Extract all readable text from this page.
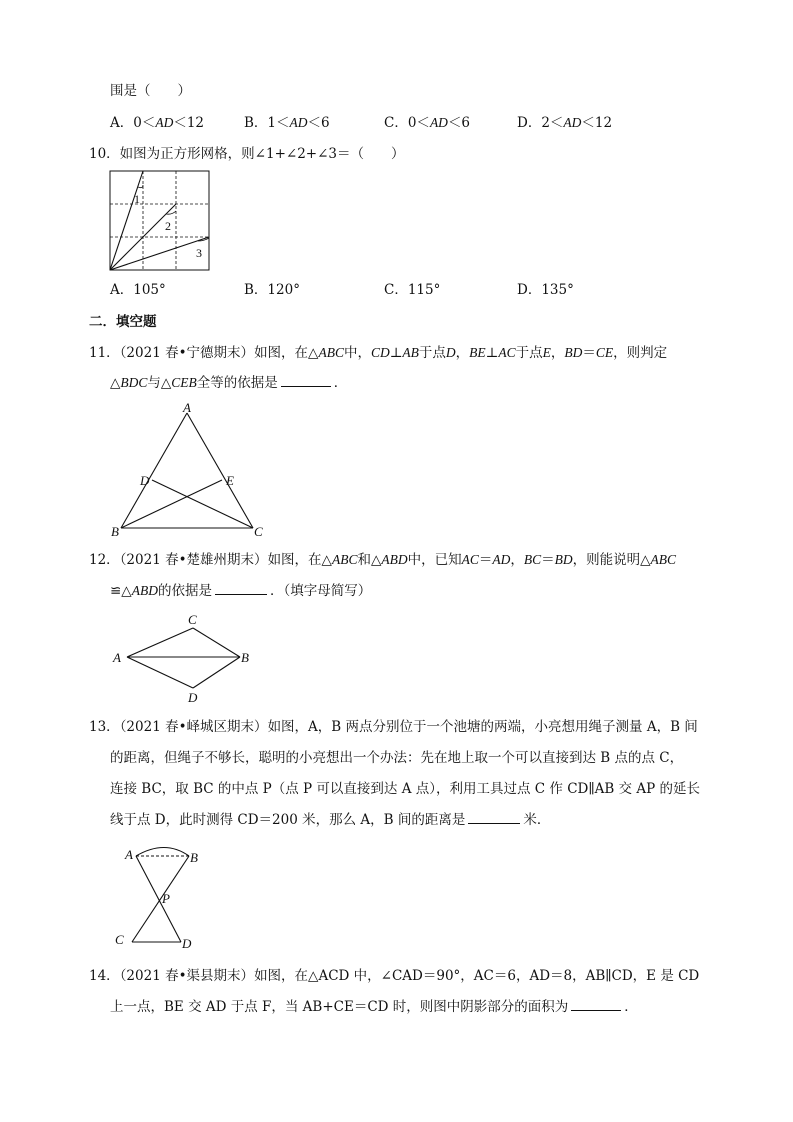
围是（　　）
A．0＜AD＜12	B．1＜AD＜6	C．0＜AD＜6	D．2＜AD＜12
10．如图为正方形网格，则∠1+∠2+∠3＝（　　）
1
2
3
A．105°	B．120°	C．115°	D．135°
二．填空题
11．（2021 春•宁德期末）如图，在△ABC中，CD⊥AB于点D，BE⊥AC于点E，BD＝CE，则判定
△BDC与△CEB全等的依据是	．
A
D	E
B	C
12．（2021 春•楚雄州期末）如图，在△ABC和△ABD中，已知AC＝AD，BC＝BD，则能说明△ABC
≌△ABD的依据是	．（填字母简写）
C
A	B
D
13．（2021 春•峄城区期末）如图，A，B 两点分别位于一个池塘的两端，小亮想用绳子测量 A，B 间
的距离，但绳子不够长，聪明的小亮想出一个办法：先在地上取一个可以直接到达 B 点的点 C，
连接 BC，取 BC 的中点 P（点 P 可以直接到达 A 点），利用工具过点 C 作 CD∥AB 交 AP 的延长
线于点 D，此时测得 CD＝200 米，那么 A，B 间的距离是	米．
A	B
P
C	D
14．（2021 春•渠县期末）如图，在△ACD 中，∠CAD＝90°，AC＝6，AD＝8，AB∥CD，E 是 CD
上一点，BE 交 AD 于点 F，当 AB+CE＝CD 时，则图中阴影部分的面积为	．
